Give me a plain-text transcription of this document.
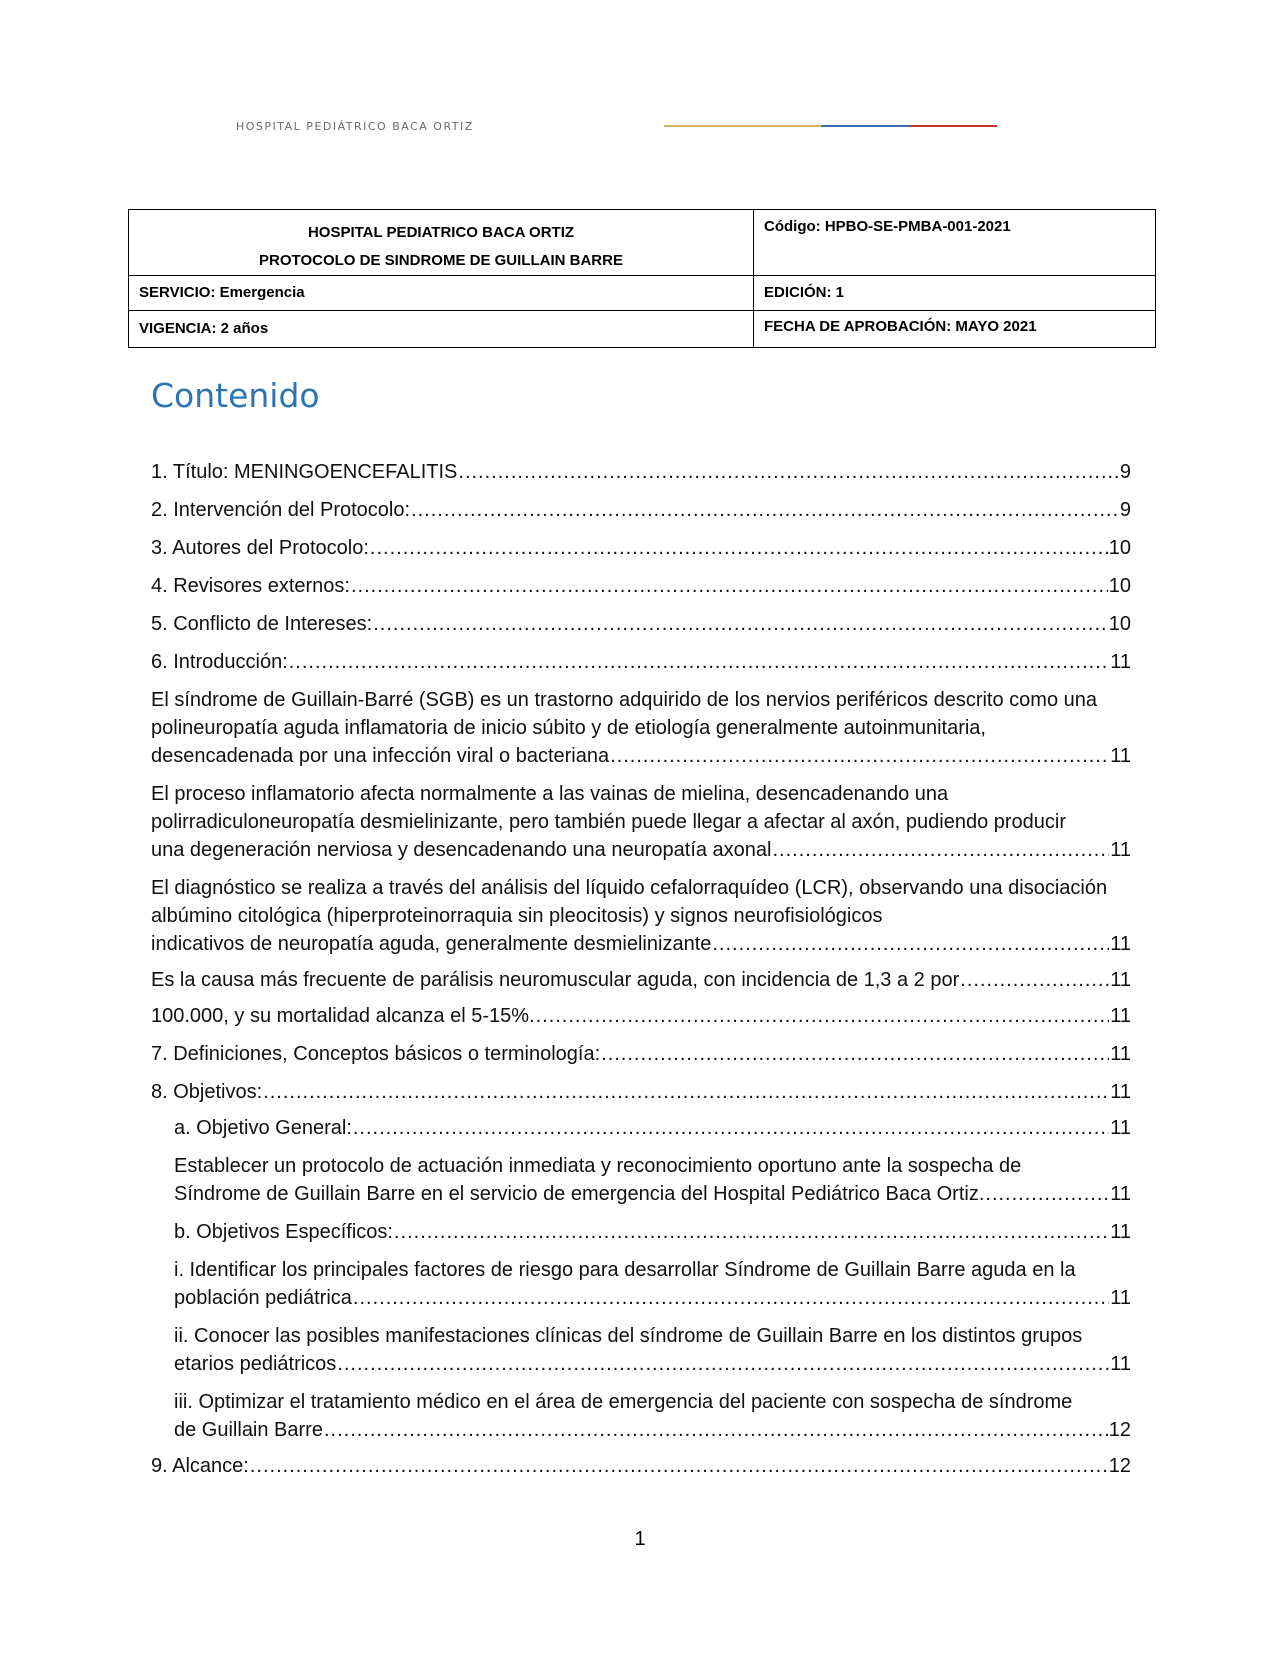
HOSPITAL PEDIÁTRICO BACA ORTIZ
HOSPITAL PEDIATRICO BACA ORTIZ
PROTOCOLO DE SINDROME DE GUILLAIN BARRE	Código: HPBO-SE-PMBA-001-2021
SERVICIO: Emergencia	EDICIÓN: 1
VIGENCIA: 2 años	FECHA DE APROBACIÓN: MAYO 2021
Contenido
1. Título: MENINGOENCEFALITIS .....	9
2. Intervención del Protocolo: .....	9
3. Autores del Protocolo: .....	10
4. Revisores externos: .....	10
5. Conflicto de Intereses: .....	10
6. Introducción: .....	11
El síndrome de Guillain-Barré (SGB) es un trastorno adquirido de los nervios periféricos descrito como una polineuropatía aguda inflamatoria de inicio súbito y de etiología generalmente autoinmunitaria,
desencadenada por una infección viral o bacteriana .....	11
El proceso inflamatorio afecta normalmente a las vainas de mielina, desencadenando una polirradiculoneuropatía desmielinizante, pero también puede llegar a afectar al axón, pudiendo producir
una degeneración nerviosa y desencadenando una neuropatía axonal .....	11
El diagnóstico se realiza a través del análisis del líquido cefalorraquídeo (LCR), observando una disociación albúmino citológica (hiperproteinorraquia sin pleocitosis) y signos neurofisiológicos
indicativos de neuropatía aguda, generalmente desmielinizante .....	11
Es la causa más frecuente de parálisis neuromuscular aguda, con incidencia de 1,3 a 2 por .....	11
100.000, y su mortalidad alcanza el 5-15%. .....	11
7. Definiciones, Conceptos básicos o terminología: .....	11
8. Objetivos: .....	11
a. Objetivo General: .....	11
Establecer un protocolo de actuación inmediata y reconocimiento oportuno ante la sospecha de
Síndrome de Guillain Barre en el servicio de emergencia del Hospital Pediátrico Baca Ortiz. .....	11
b. Objetivos Específicos: .....	11
i. Identificar los principales factores de riesgo para desarrollar Síndrome de Guillain Barre aguda en la
población pediátrica .....	11
ii. Conocer las posibles manifestaciones clínicas del síndrome de Guillain Barre en los distintos grupos
etarios pediátricos .....	11
iii. Optimizar el tratamiento médico en el área de emergencia del paciente con sospecha de síndrome
de Guillain Barre .....	12
9. Alcance: .....	12
1
